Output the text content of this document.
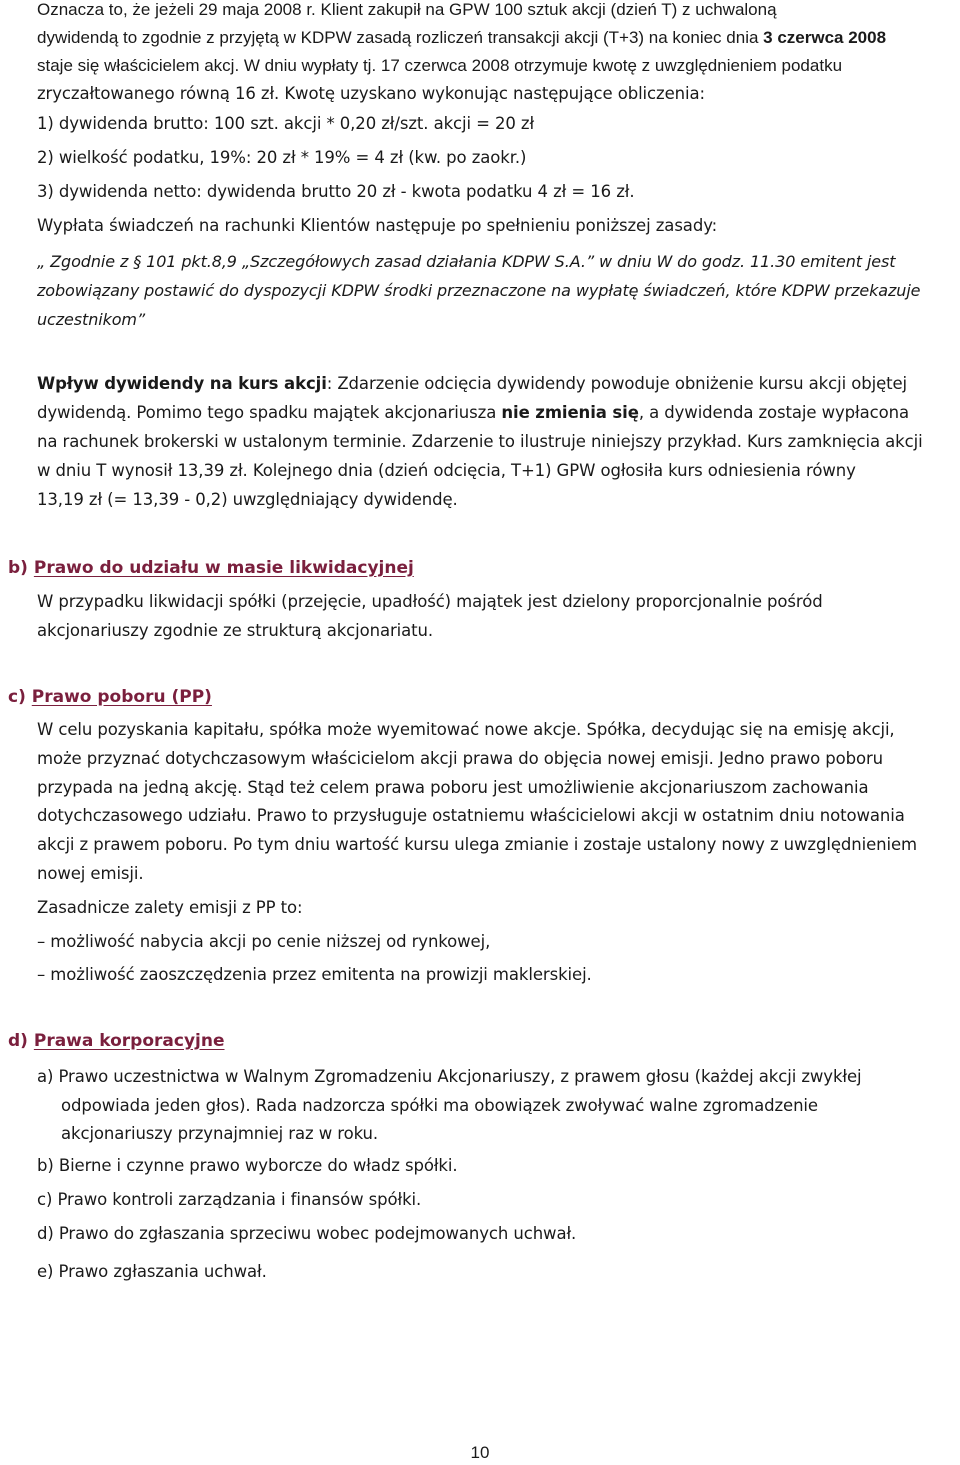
Oznacza to, że jeżeli 29 maja 2008 r. Klient zakupił na GPW 100 sztuk akcji (dzień T) z uchwaloną
dywidendą to zgodnie z przyjętą w KDPW zasadą rozliczeń transakcji akcji (T+3) na koniec dnia 3 czerwca 2008
staje się właścicielem akcj. W dniu wypłaty tj. 17 czerwca 2008 otrzymuje kwotę z uwzględnieniem podatku
zryczałtowanego równą 16 zł. Kwotę uzyskano wykonując następujące obliczenia:
1) dywidenda brutto: 100 szt. akcji * 0,20 zł/szt. akcji = 20 zł
2) wielkość podatku, 19%: 20 zł * 19% = 4 zł (kw. po zaokr.)
3) dywidenda netto: dywidenda brutto 20 zł - kwota podatku 4 zł = 16 zł.
Wypłata świadczeń na rachunki Klientów następuje po spełnieniu poniższej zasady:
„ Zgodnie z § 101 pkt.8,9 „Szczegółowych zasad działania KDPW S.A.” w dniu W do godz. 11.30 emitent jest
zobowiązany postawić do dyspozycji KDPW środki przeznaczone na wypłatę świadczeń, które KDPW przekazuje
uczestnikom”
Wpływ dywidendy na kurs akcji: Zdarzenie odcięcia dywidendy powoduje obniżenie kursu akcji objętej
dywidendą. Pomimo tego spadku majątek akcjonariusza nie zmienia się, a dywidenda zostaje wypłacona
na rachunek brokerski w ustalonym terminie. Zdarzenie to ilustruje niniejszy przykład. Kurs zamknięcia akcji
w dniu T wynosił 13,39 zł. Kolejnego dnia (dzień odcięcia, T+1) GPW ogłosiła kurs odniesienia równy
13,19 zł (= 13,39 - 0,2) uwzględniający dywidendę.
b) Prawo do udziału w masie likwidacyjnej
W przypadku likwidacji spółki (przejęcie, upadłość) majątek jest dzielony proporcjonalnie pośród
akcjonariuszy zgodnie ze strukturą akcjonariatu.
c) Prawo poboru (PP)
W celu pozyskania kapitału, spółka może wyemitować nowe akcje. Spółka, decydując się na emisję akcji,
może przyznać dotychczasowym właścicielom akcji prawa do objęcia nowej emisji. Jedno prawo poboru
przypada na jedną akcję. Stąd też celem prawa poboru jest umożliwienie akcjonariuszom zachowania
dotychczasowego udziału. Prawo to przysługuje ostatniemu właścicielowi akcji w ostatnim dniu notowania
akcji z prawem poboru. Po tym dniu wartość kursu ulega zmianie i zostaje ustalony nowy z uwzględnieniem
nowej emisji.
Zasadnicze zalety emisji z PP to:
– możliwość nabycia akcji po cenie niższej od rynkowej,
– możliwość zaoszczędzenia przez emitenta na prowizji maklerskiej.
d) Prawa korporacyjne
a) Prawo uczestnictwa w Walnym Zgromadzeniu Akcjonariuszy, z prawem głosu (każdej akcji zwykłej
odpowiada jeden głos). Rada nadzorcza spółki ma obowiązek zwoływać walne zgromadzenie
akcjonariuszy przynajmniej raz w roku.
b) Bierne i czynne prawo wyborcze do władz spółki.
c) Prawo kontroli zarządzania i finansów spółki.
d) Prawo do zgłaszania sprzeciwu wobec podejmowanych uchwał.
e) Prawo zgłaszania uchwał.
10
